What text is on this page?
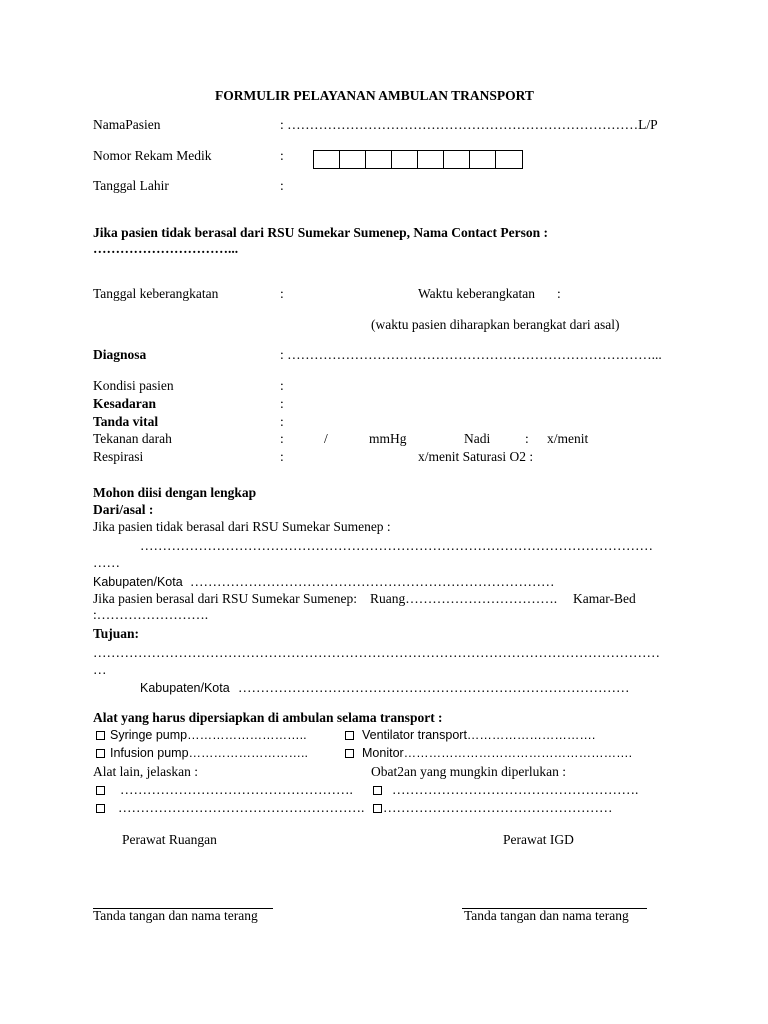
FORMULIR PELAYANAN AMBULAN TRANSPORT
NamaPasien	: ……………………………………………………………………L/P
Nomor Rekam Medik	:
Tanggal Lahir	:
Jika pasien tidak berasal dari RSU Sumekar Sumenep, Nama Contact Person :
…………………………...
Tanggal keberangkatan	:	Waktu keberangkatan :
(waktu pasien diharapkan berangkat dari asal)
Diagnosa	: ………………………………………………………………………...
Kondisi pasien	:
Kesadaran	:
Tanda vital	:
Tekanan darah	:	/	mmHg	Nadi	: x/menit
Respirasi	:	x/menit Saturasi O2 :
Mohon diisi dengan lengkap
Dari/asal :
Jika pasien tidak berasal dari RSU Sumekar Sumenep :
……………………………………………………………………………………………………
……
Kabupaten/Kota ………………………………………………………………………
Jika pasien berasal dari RSU Sumekar Sumenep: Ruang……………………………. Kamar-Bed
:…………………….
Tujuan:
………………………………………………………………………………………………………………
…
Kabupaten/Kota ……………………………………………………………………………
Alat yang harus dipersiapkan di ambulan selama transport :
Syringe pump………………………..	Ventilator transport………………………….
Infusion pump………………………..	Monitor……………………………………………….
Alat lain, jelaskan :	Obat2an yang mungkin diperlukan :
…………………………………………….	……………………………………………….
………………………………………………. ……………………………………………
Perawat Ruangan	Perawat IGD
Tanda tangan dan nama terang	Tanda tangan dan nama terang
